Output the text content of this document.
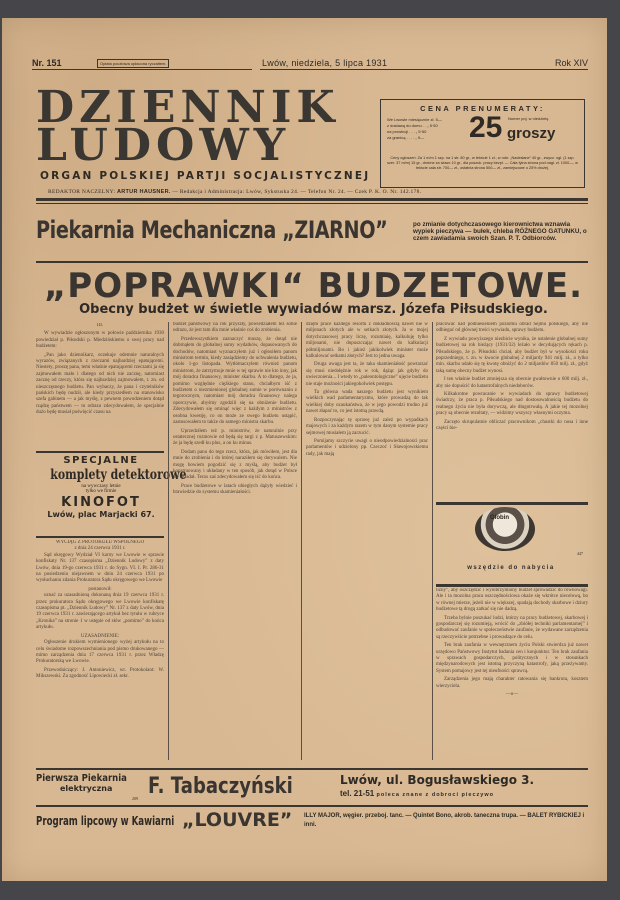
Nr. 151	Opłata pocztowa opłacona ryczałtem.	Lwów, niedziela, 5 lipca 1931	Rok XIV
DZIENNIK
LUDOWY
ORGAN POLSKIEJ PARTJI SOCJALISTYCZNEJ
REDAKTOR NACZELNY: ARTUR HAUSNER. — Redakcja i Administracja: Lwów, Sykstuska 24. — Telefon Nr. 24. — Czek P. K. O. Nr. 142.178.
CENA PRENUMERATY:
We Lwowie miesięcznie zł. 5—
z dostawą do domu . . „ 5·50
na prowincji . . . „ 5·50
za granicą . . . . „ 9—	25 Numer poj. w niedzielę
groszy
Ceny ogłoszeń: Za 1 m/m 1 szp. na 1 str. 80 gr., w tekście 1 zł., w rubr. „Nadesłane” 40 gr., zwycz. ogł. (1 szp. szer. 37 m/m) 15 gr., drobne za słowo 10 gr., dla poszuk. pracy bezpł. — Cała tylna strona pod nagł. zł. 1000—, w tekście cała str. 700— zł., ostatnia strona 500— zł., zamiejscowe o 25% drożej.
Piekarnia Mechaniczna „ZIARNO”	po zmianie dotychczasowego kierownictwa wznawia wypiek pieczywa — bułek, chleba RÓŻNEGO GATUNKU, o czem zawiadamia swoich Szan. P. T. Odbiorców.
„POPRAWKI“ BUDZETOWE.
Obecny budżet w świetle wywiadów marsz. Józefa Piłsudskiego.
III.

W wywiadzie ogłoszonym w połowie października 1930 powiedział p. Piłsudski p. Miedzińskiemu o swej pracy nad budżetem:

„Pan jako dziennikarz, oczekuje odemnie naturalnych wyrazów, związanych z rzeczami najbardziej epatującemi. Niestety, proszę pana, temi właśnie epatującemi rzeczami ja się zajmowałem mało i dlatego od nich nie zacznę, natomiast zacznę od rzeczy, która się najbardziej zajmowałem, t. zn. od nieszczęsnego budżetu. Pan wybaczy, że pana i czytelników pańskich będę nudził, ale kiedy przyszedłem na stanowisko szefa gabinetu — a jak myślę, z pewnem powodzeniem dotąd rządzę państwem — to odrazu zdecydowałem, że specjalnie dużo będę musiał poświęcić czasu na

SPECJALNE
komplety detektorowe
na wywczasy letnie
tylko we firmie
KINOFOT
Lwów, plac Marjacki 67.
WYCIĄG Z PROTOKUŁU WSPÓLNEGO
z dnia 24 czerwca 1931 r.

Sąd okręgowy Wydział VI karny we Lwowie w sprawie konfiskaty Nr. 137 czasopisma „Dziennik Ludowy” z daty Lwów, dnia 19-go czerwca 1931 r. do Sygn. VI. I. Pr. 286-31 na posiedzeniu niejawnem w dniu 24 czerwca 1931 po wysłuchaniu zdania Prokuratora Sądu okręgowego we Lwowie

postanowił:

uznać za uzasadnioną dokonaną dnia 19 czerwca 1931 r. przez prokuratora Sądu okręgowego we Lwowie konfiskatę czasopisma pt. „Dziennik Ludowy” Nr. 137 z daty Lwów, dnia 19 czerwca 1931 r. zawierającego artykuł bez tytułu w rubryce „Kronika” na stronie 1 w ustępie od słów „pomimo” do końca artykułu.

UZASADNIENIE:

Ogłoszenie drukiem wymienionego wyżej artykułu na to celu świadome rozpowszechniania pod pismo drukowanego — mimo zarządzenia dnia 17 czerwca 1931 r. przez Władzę Prokuratorską we Lwowie.

Przewodniczący: J. Antoniewicz, wr. Protokolant: W. Mikszewski. Za zgodność Lipowiecki zł. sekr.

budżet państwowy na rok przyszły, powiedziałem też sobie odrazu, że jest tam dla mnie właśnie coś do zrobienia.

Przedewszystkiem zaznaczyć muszę, że dotąd nie dobrnąłem do globalnej sumy wydatków, dopasowanych do dochodów, natomiast wyznaczyłem już i ogłosiłem panom ministrom termin, kiedy zasiądziemy do uchwalenia budżetu, około 1-go listopada. Wytłómaczyłem również panom ministrom, że zatrzymuje mnie w tej sprawie nie kto inny, jak mój doradca finansowy, minister skarbu. A to dlatego, że ja, pomimo względnie ciężkiego stanu, chciałbym iść z budżetem o niezmienionej globalnej sumie w porównaniu z tegorocznym, natomiast mój doradca finansowy nalega oporczywie, abyśmy zgodzili się na obniżenie budżetu. Zdecydowałem się ominąć więc z każdym z ministrów z osobna kwestję, co on może ze swego budżetu ustąpić, zastosowałem to także do samego ministra skarbu.

Uprzedziłem też p. ministrów, że naturalnie przy ostatecznej rozmowie od będą się targi z p. Matuszewskim: że ja będę szedł ku plus, a on ku minus.

Dodam panu do tego rzecz, która, jak mówiłem, jest dla mnie do zrobienia i do której naraziłem się dorywalem. Nie mogę bowiem pogodzić się z myślą, aby budżet był konstruowany i układany w ten sposób, jak dotąd w Polsce się układał. Terax zaś zdecydowałem się iść do końca.

Prace budżetowe w latach ubiegłych dążyły wiedzieć i brawiedzie do systemu skamieniałości.

dzięto prace każdego resortu z dokładnością nawet nie w miljonach złotych ale w setkach złotych. Ja w mojej dotychczasowej pracy liczę, rozumiaię, kalkuluję tylko miljonami, nie dopuszczając nawet do kalkulacji półmiljonami. Bo i jakież jakikolwiek minister może kalkulować setkami złotych? Jest to jedna uwaga.

Druga uwaga jest ta, że taka skamieniałość powtarzać się musi niedołężnie rok w rok, dążąc jak gdyby do uwiecznienia... I wtedy to „paleontologiczne” ujęcie budżetu nie staje możności jakiegokolwiek postępu.

Ta główna wada naszego budżetu jest wynikiem wielkich wad parlamentaryzmu, które prowadzą do tak wielkiej doby ozaukaństwa, że w jego powodzi trudno już nawet złapać to, co jest istotną prawdą.

Rozpoczynając tę sprawę już zależ po wypadkach majowych i za każdym razem w tym danym systemie pracy sejmowej musiałem ją zarzucić.

Pomijamy szczycie uwagi o nieodpowiedzialności prac parlamentów i udzielony pp. Czeczoć i Sławojowskiemu rady, jak mają

pracować nad podniesieniem poziomu obrad Sejmu polskiego, aby nie odbiegać od głównej treści wywiadu, sprawy budżetu.

Z wywiadu powyższego niezbicie wynika, że ustalenie globalnej sumy budżetowej na rok bieżący (1931/32) leżało w decydujących rękach p. Piłsudskiego, że p. Piłsudski chciał, aby budżet był w wysokości roku poprzedniego, t. zn. w kwocie globalnej 2 miljardy 941 milj. zł., a tylko min. skarbu udało się tę kwotę obniżyć do 2 miljardów 850 milj. zł., gdyż taką sumę obecny budżet wynosi.

I ten właśnie budżet zmniejsza się obecnie gwałtownie o 600 milj. zł., aby nie dopuścić do katastrofalnych niedoborów.

Kilkakrotne powracanie w wywiadach do sprawy budżetowej świadczy, że praca p. Piłsudskiego nad dostosowalnością budżetu do realnego życia nie była dorywczą, ale długotrwałą. A jakie tej mozolnej pracy są obecnie rezultaty, — widzimy wszyscy własnymi oczyma.

Zaczęto skrupulatnie obliczać pracownikom „chustki do nosa i inne części bie-

Globin
447
wszędzie do nabycia

lizny”, aby oszczędzić i wyolbrzymiony budżet sprowadzić do równowagi. Ale i ta mozolna praca oszczędnościowa okaże się wkrótce niecelową, bo w równej mierze, jeżeli nie w większej, spadają dochody skarbowe i dziury budżetowe tą drogą zatkać się nie dadzą.

Trzeba bylnie poszukać ludzi, którzy na pracy budżetowej, skarbowej i gospodarczej się rozumieją, wrócić do „zbiółej techniki parlamentarnej” i odbudować zaufanie w społeczeństwie zaufanie, że wydawane zarządzenia są rzeczywiście potrzebne i prowadzące do celu.

Ten brak zaufania w wewnętrznem życiu Polski stwierdza już nawet urzędowo Państwowy Instytut badania cen i konjunktur. Ten brak zaufania w sprawach gospodarczych, politycznych i w stosunkach międzynarodowych jest istotną przyczyną katastrofy, jaką przeżywamy. System pomajowy jest tej nieufności sprawcą.

Zarządzenia jego mają charakter ratowania się bankruta, kosztem wierzyciela.

—o—
Pierwsza Piekarnia
elektryczna
209 F. Tabaczyński	Lwów, ul. Bogusławskiego 3.
tel. 21-51 poleca znane z dobroci pieczywo
Program lipcowy w Kawiarni „LOUVRE” ILLY MAJOR, węgier. przeboj. tanc. — Quintet Bono, akrob. taneczna trupa. — BALET RYBICKIEJ i inni.
